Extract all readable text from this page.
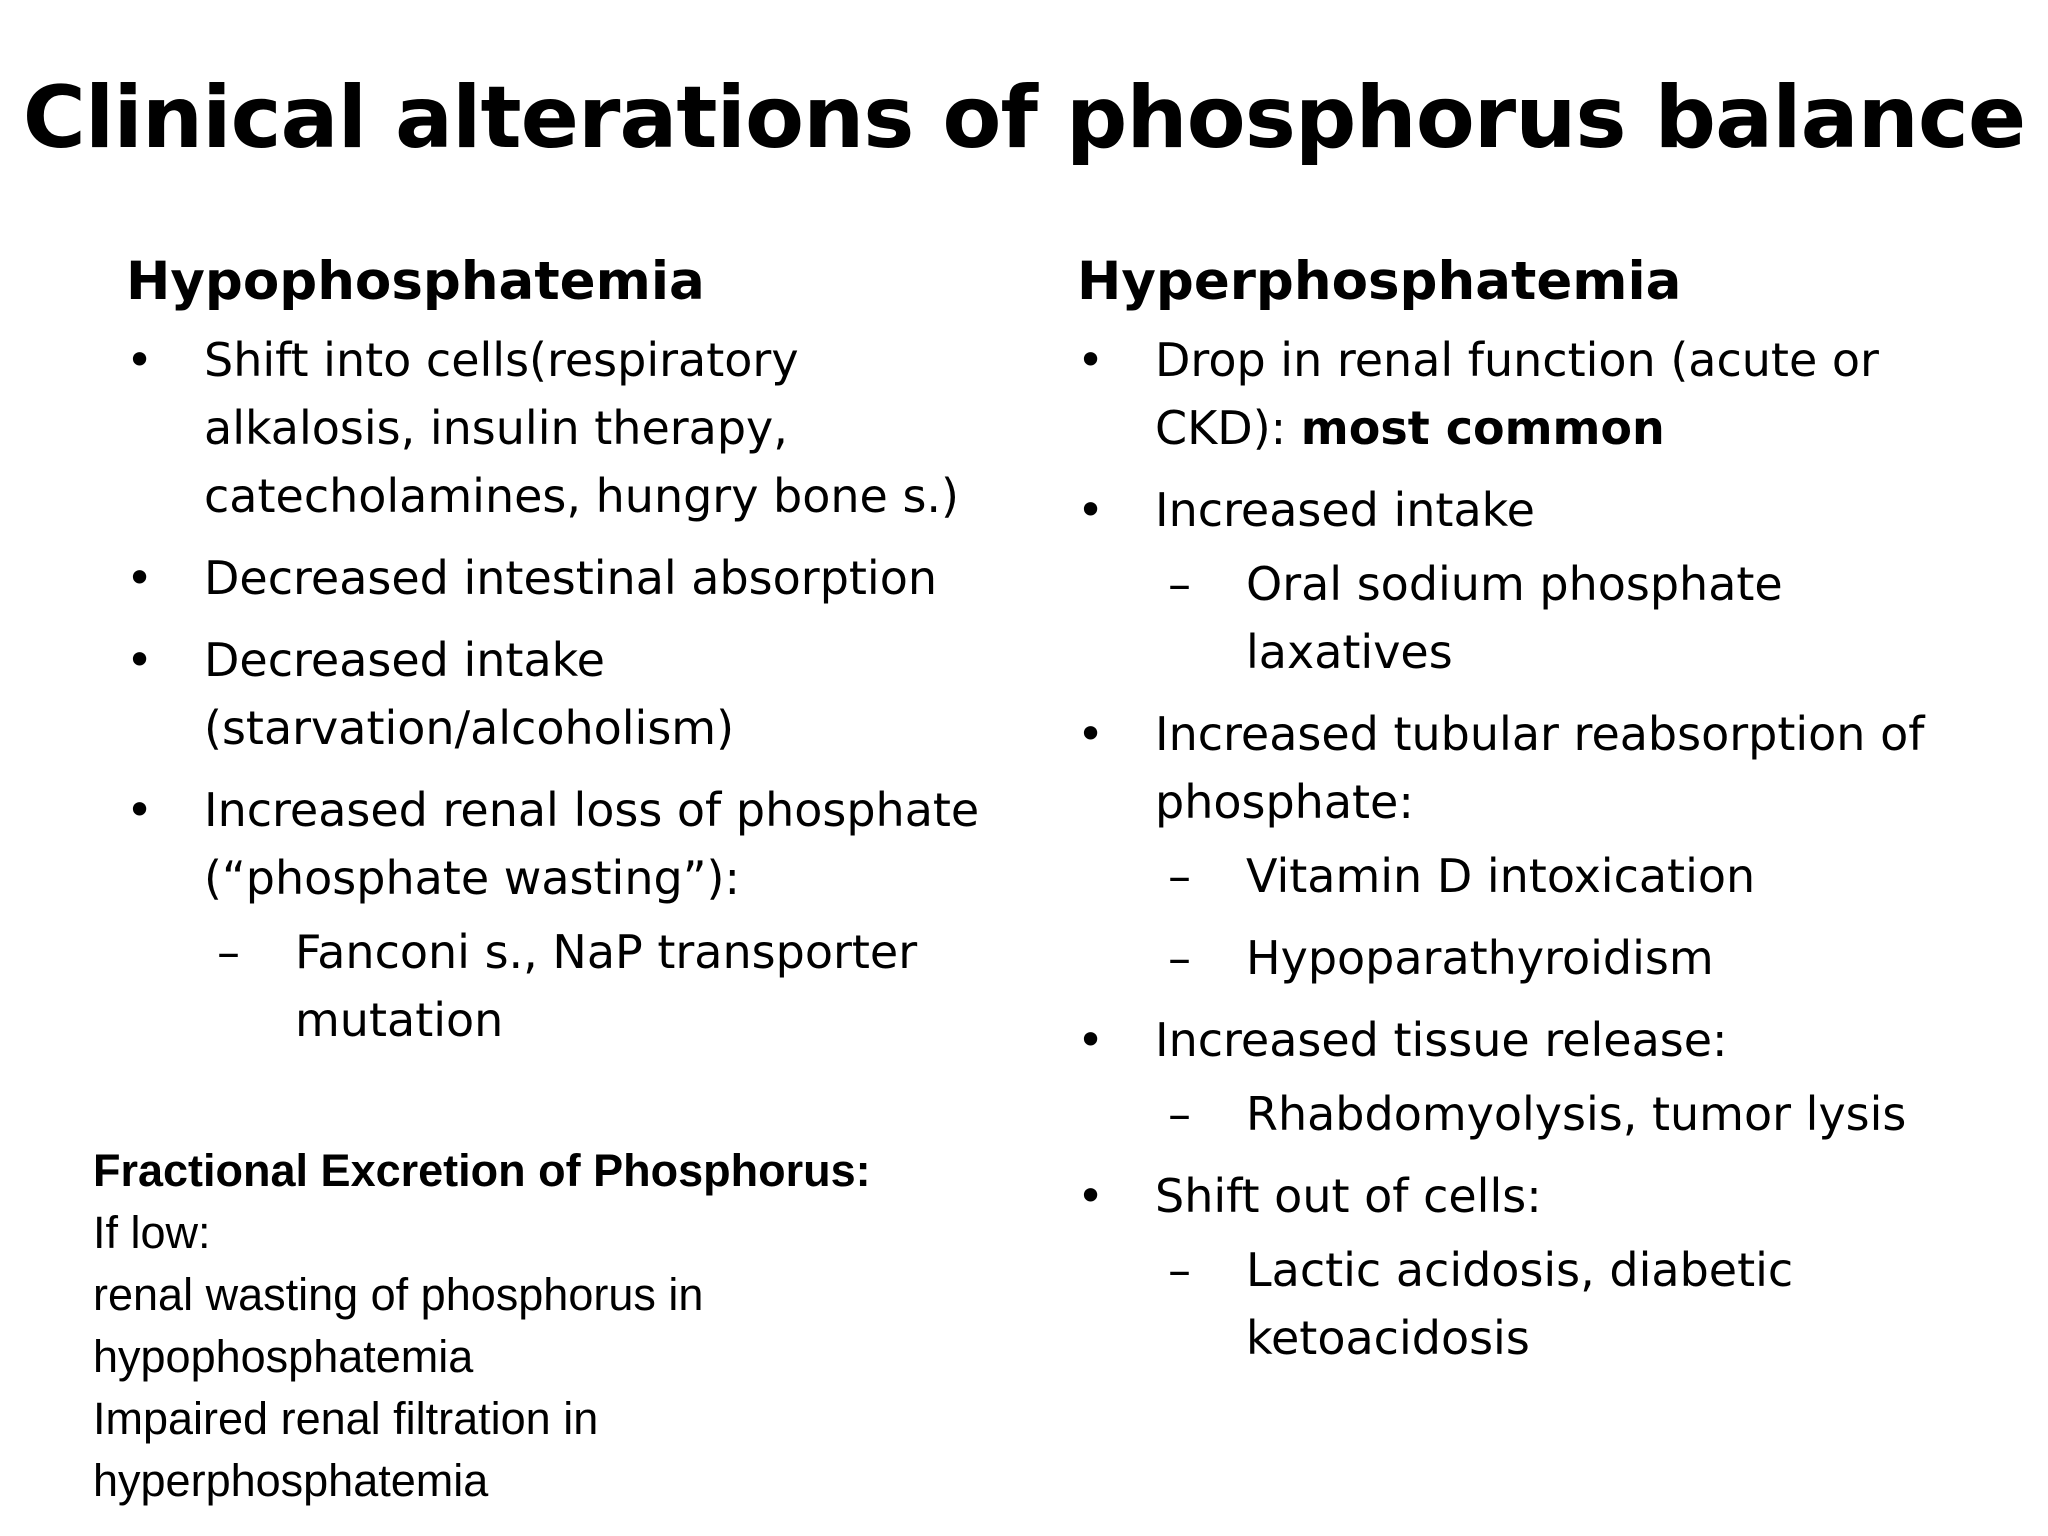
Clinical alterations of phosphorus balance
Hypophosphatemia
• Shift into cells(respiratory
alkalosis, insulin therapy,
catecholamines, hungry bone s.)
• Decreased intestinal absorption
• Decreased intake
(starvation/alcoholism)
• Increased renal loss of phosphate
(“phosphate wasting”):
– Fanconi s., NaP transporter
mutation
Hyperphosphatemia
• Drop in renal function (acute or
CKD): most common
• Increased intake
– Oral sodium phosphate
laxatives
• Increased tubular reabsorption of
phosphate:
– Vitamin D intoxication
– Hypoparathyroidism
• Increased tissue release:
– Rhabdomyolysis, tumor lysis
• Shift out of cells:
– Lactic acidosis, diabetic
ketoacidosis
Fractional Excretion of Phosphorus:
If low:
renal wasting of phosphorus in
hypophosphatemia
Impaired renal filtration in
hyperphosphatemia
